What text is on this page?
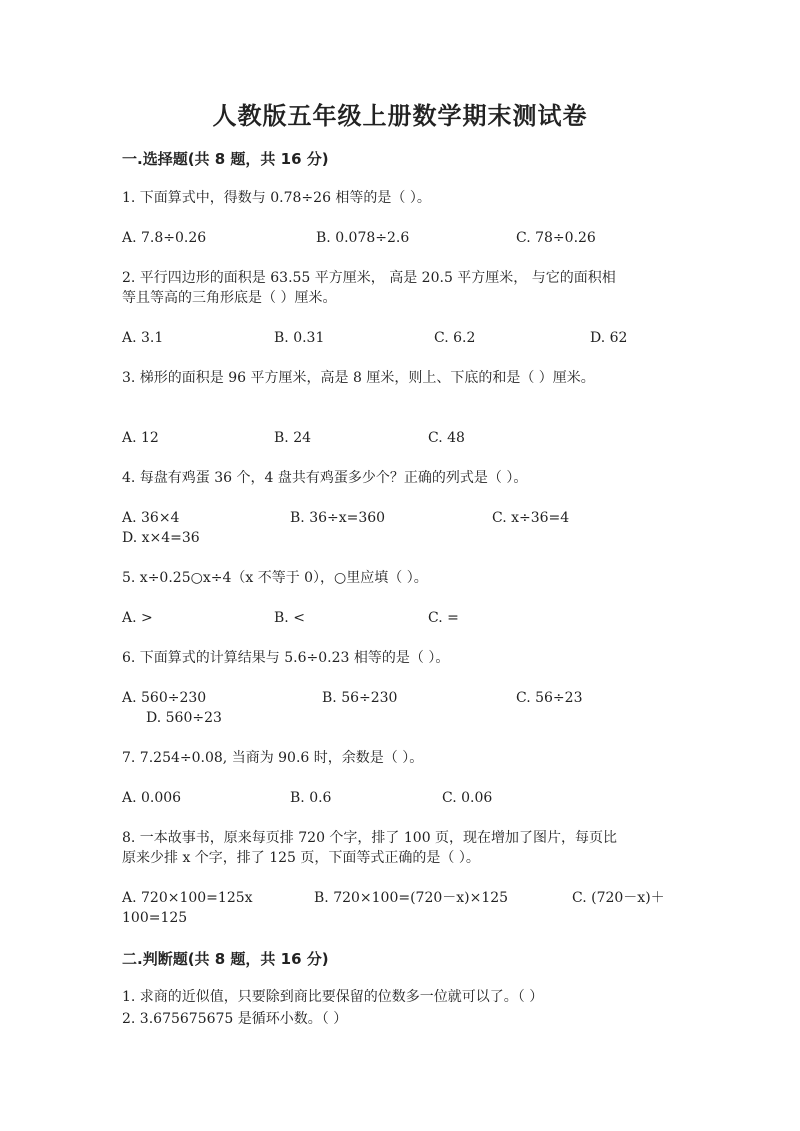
人教版五年级上册数学期末测试卷
一.选择题(共 8 题，共 16 分)
1. 下面算式中，得数与 0.78÷26 相等的是（ ）。
A. 7.8÷0.26	B. 0.078÷2.6	C. 78÷0.26
2. 平行四边形的面积是 63.55 平方厘米， 高是 20.5 平方厘米， 与它的面积相
等且等高的三角形底是（ ）厘米。
A. 3.1	B. 0.31	C. 6.2	D. 62
3. 梯形的面积是 96 平方厘米，高是 8 厘米，则上、下底的和是（ ）厘米。
A. 12	B. 24	C. 48
4. 每盘有鸡蛋 36 个，4 盘共有鸡蛋多少个？正确的列式是（ ）。
A. 36×4	B. 36÷x=360	C. x÷36=4
D. x×4=36
5. x÷0.25○x÷4（x 不等于 0），○里应填（ ）。
A. >	B. <	C. =
6. 下面算式的计算结果与 5.6÷0.23 相等的是（ ）。
A. 560÷230	B. 56÷230	C. 56÷23
D. 560÷23
7. 7.254÷0.08, 当商为 90.6 时，余数是（ ）。
A. 0.006	B. 0.6	C. 0.06
8. 一本故事书，原来每页排 720 个字，排了 100 页，现在增加了图片，每页比
原来少排 x 个字，排了 125 页，下面等式正确的是（ ）。
A. 720×100=125x	B. 720×100=(720－x)×125	C. (720－x)＋
100=125
二.判断题(共 8 题，共 16 分)
1. 求商的近似值，只要除到商比要保留的位数多一位就可以了。（ ）
2. 3.675675675 是循环小数。（ ）
